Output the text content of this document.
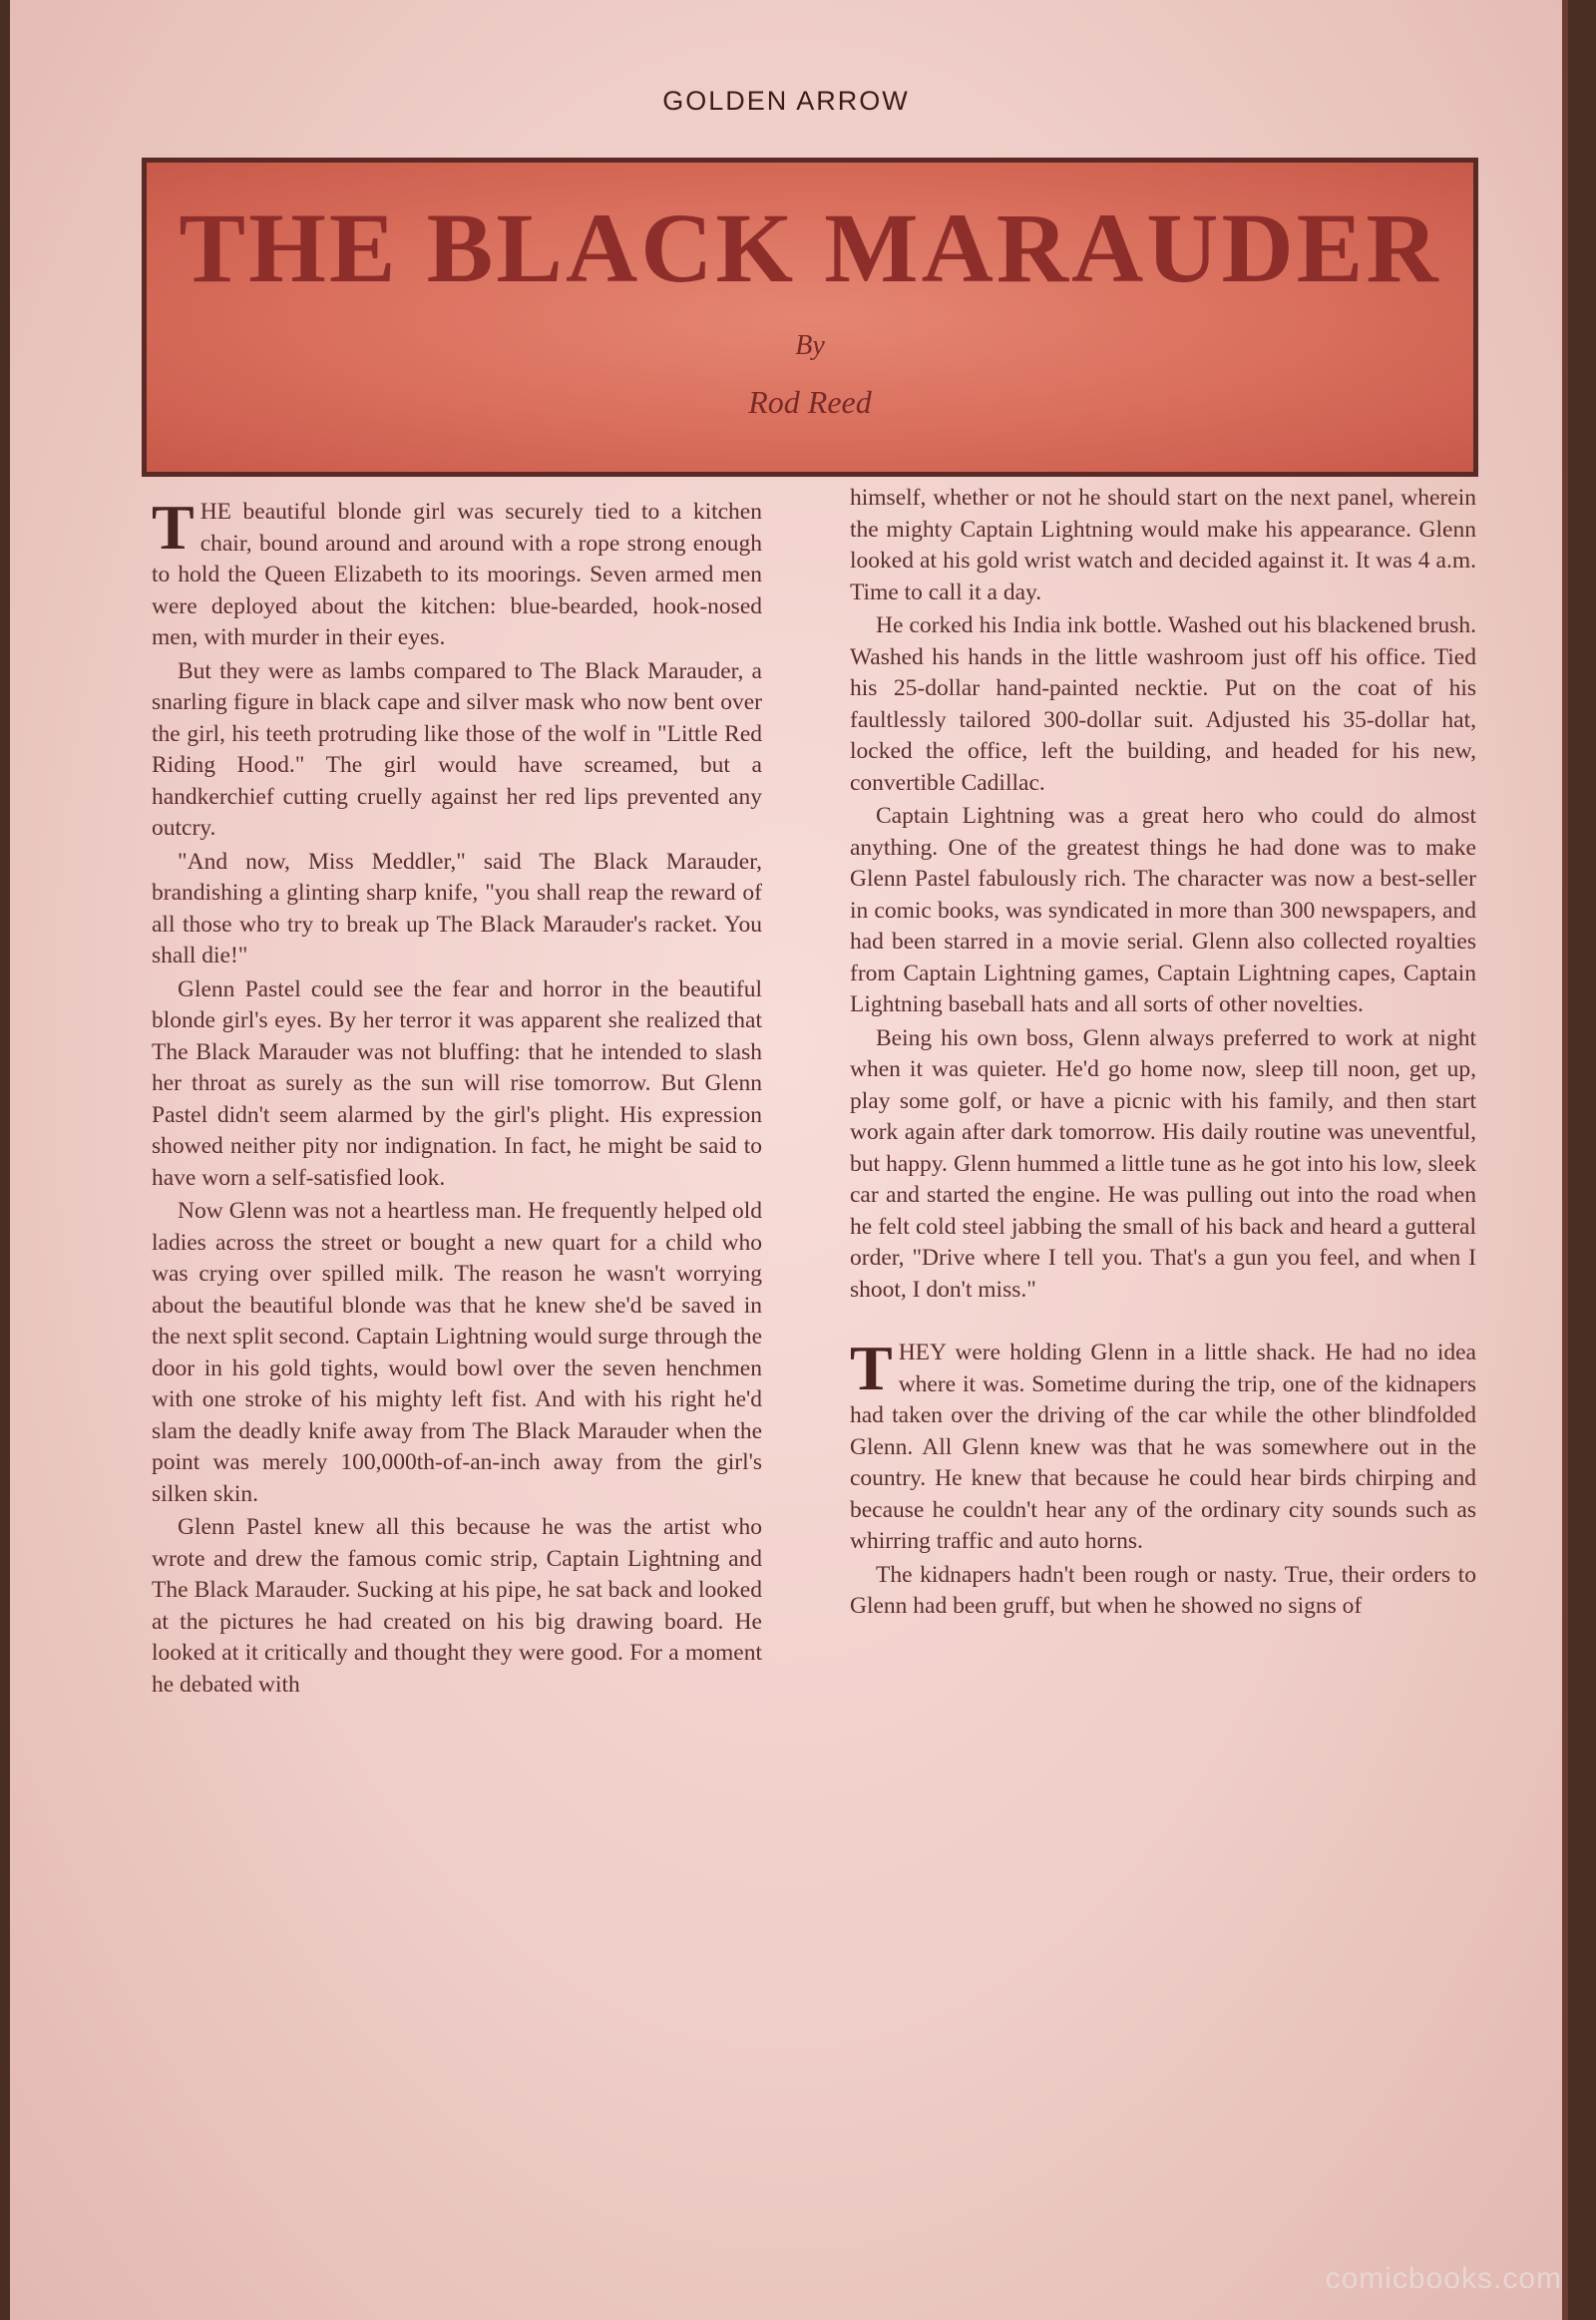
GOLDEN ARROW
THE BLACK MARAUDER
By
Rod Reed

THE beautiful blonde girl was securely tied to a kitchen chair, bound around and around with a rope strong enough to hold the Queen Elizabeth to its moorings. Seven armed men were deployed about the kitchen: blue-bearded, hook-nosed men, with murder in their eyes.

But they were as lambs compared to The Black Marauder, a snarling figure in black cape and silver mask who now bent over the girl, his teeth protruding like those of the wolf in "Little Red Riding Hood." The girl would have screamed, but a handkerchief cutting cruelly against her red lips prevented any outcry.

"And now, Miss Meddler," said The Black Marauder, brandishing a glinting sharp knife, "you shall reap the reward of all those who try to break up The Black Marauder's racket. You shall die!"

Glenn Pastel could see the fear and horror in the beautiful blonde girl's eyes. By her terror it was apparent she realized that The Black Marauder was not bluffing: that he intended to slash her throat as surely as the sun will rise tomorrow. But Glenn Pastel didn't seem alarmed by the girl's plight. His expression showed neither pity nor indignation. In fact, he might be said to have worn a self-satisfied look.

Now Glenn was not a heartless man. He frequently helped old ladies across the street or bought a new quart for a child who was crying over spilled milk. The reason he wasn't worrying about the beautiful blonde was that he knew she'd be saved in the next split second. Captain Lightning would surge through the door in his gold tights, would bowl over the seven henchmen with one stroke of his mighty left fist. And with his right he'd slam the deadly knife away from The Black Marauder when the point was merely 100,000th-of-an-inch away from the girl's silken skin.

Glenn Pastel knew all this because he was the artist who wrote and drew the famous comic strip, Captain Lightning and The Black Marauder. Sucking at his pipe, he sat back and looked at the pictures he had created on his big drawing board. He looked at it critically and thought they were good. For a moment he debated with

himself, whether or not he should start on the next panel, wherein the mighty Captain Lightning would make his appearance. Glenn looked at his gold wrist watch and decided against it. It was 4 a.m. Time to call it a day.

He corked his India ink bottle. Washed out his blackened brush. Washed his hands in the little washroom just off his office. Tied his 25-dollar hand-painted necktie. Put on the coat of his faultlessly tailored 300-dollar suit. Adjusted his 35-dollar hat, locked the office, left the building, and headed for his new, convertible Cadillac.

Captain Lightning was a great hero who could do almost anything. One of the greatest things he had done was to make Glenn Pastel fabulously rich. The character was now a best-seller in comic books, was syndicated in more than 300 newspapers, and had been starred in a movie serial. Glenn also collected royalties from Captain Lightning games, Captain Lightning capes, Captain Lightning baseball hats and all sorts of other novelties.

Being his own boss, Glenn always preferred to work at night when it was quieter. He'd go home now, sleep till noon, get up, play some golf, or have a picnic with his family, and then start work again after dark tomorrow. His daily routine was uneventful, but happy. Glenn hummed a little tune as he got into his low, sleek car and started the engine. He was pulling out into the road when he felt cold steel jabbing the small of his back and heard a gutteral order, "Drive where I tell you. That's a gun you feel, and when I shoot, I don't miss."

THEY were holding Glenn in a little shack. He had no idea where it was. Sometime during the trip, one of the kidnapers had taken over the driving of the car while the other blindfolded Glenn. All Glenn knew was that he was somewhere out in the country. He knew that because he could hear birds chirping and because he couldn't hear any of the ordinary city sounds such as whirring traffic and auto horns.

The kidnapers hadn't been rough or nasty. True, their orders to Glenn had been gruff, but when he showed no signs of

comicbooks.com
